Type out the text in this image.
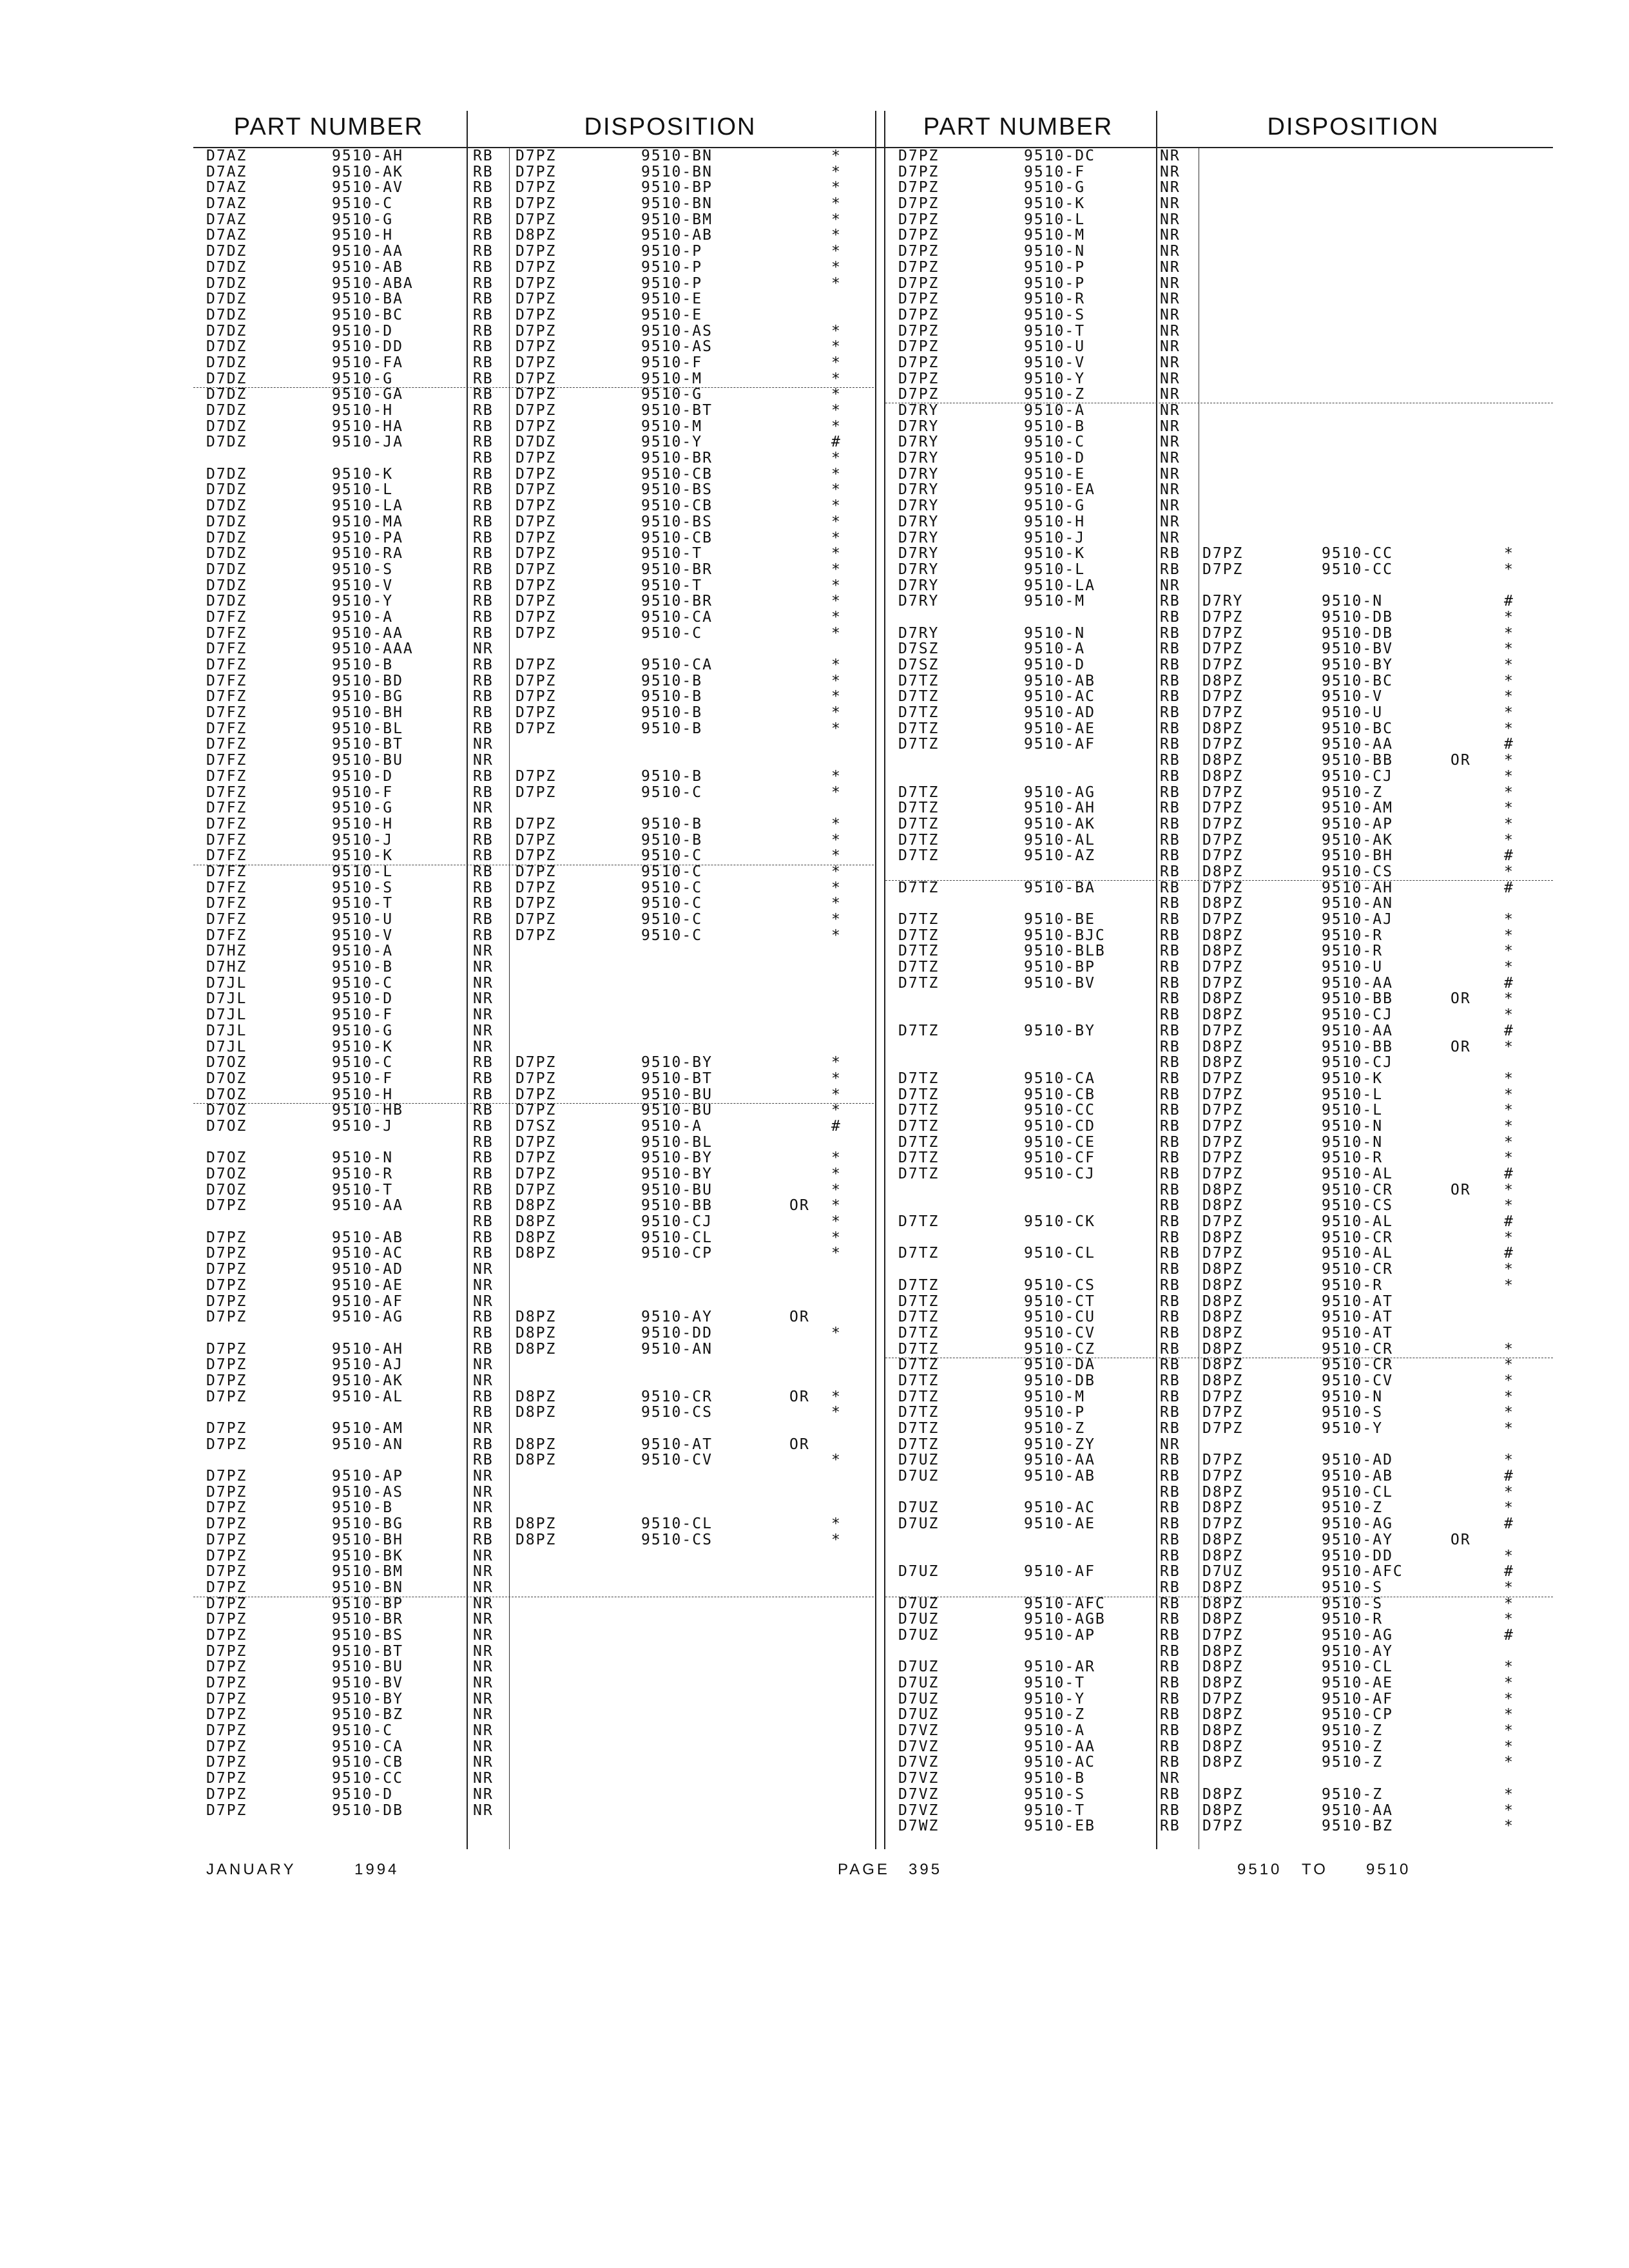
PART NUMBER	DISPOSITION	PART NUMBER	DISPOSITION
D7AZ	9510-AH	RB D7PZ	9510-BN	*
D7AZ	9510-AK	RB D7PZ	9510-BN	*
D7AZ	9510-AV	RB D7PZ	9510-BP	*
D7AZ	9510-C	RB D7PZ	9510-BN	*
D7AZ	9510-G	RB D7PZ	9510-BM	*
D7AZ	9510-H	RB D8PZ	9510-AB	*
D7DZ	9510-AA	RB D7PZ	9510-P	*
D7DZ	9510-AB	RB D7PZ	9510-P	*
D7DZ	9510-ABA	RB D7PZ	9510-P	*
D7DZ	9510-BA	RB D7PZ	9510-E
D7DZ	9510-BC	RB D7PZ	9510-E
D7DZ	9510-D	RB D7PZ	9510-AS	*
D7DZ	9510-DD	RB D7PZ	9510-AS	*
D7DZ	9510-FA	RB D7PZ	9510-F	*
D7DZ	9510-G	RB D7PZ	9510-M	*
D7DZ	9510-GA	RB D7PZ	9510-G	*
D7DZ	9510-H	RB D7PZ	9510-BT	*
D7DZ	9510-HA	RB D7PZ	9510-M	*
D7DZ	9510-JA	RB D7DZ	9510-Y	#
RB D7PZ	9510-BR	*
D7DZ	9510-K	RB D7PZ	9510-CB	*
D7DZ	9510-L	RB D7PZ	9510-BS	*
D7DZ	9510-LA	RB D7PZ	9510-CB	*
D7DZ	9510-MA	RB D7PZ	9510-BS	*
D7DZ	9510-PA	RB D7PZ	9510-CB	*
D7DZ	9510-RA	RB D7PZ	9510-T	*
D7DZ	9510-S	RB D7PZ	9510-BR	*
D7DZ	9510-V	RB D7PZ	9510-T	*
D7DZ	9510-Y	RB D7PZ	9510-BR	*
D7FZ	9510-A	RB D7PZ	9510-CA	*
D7FZ	9510-AA	RB D7PZ	9510-C	*
D7FZ	9510-AAA	NR
D7FZ	9510-B	RB D7PZ	9510-CA	*
D7FZ	9510-BD	RB D7PZ	9510-B	*
D7FZ	9510-BG	RB D7PZ	9510-B	*
D7FZ	9510-BH	RB D7PZ	9510-B	*
D7FZ	9510-BL	RB D7PZ	9510-B	*
D7FZ	9510-BT	NR
D7FZ	9510-BU	NR
D7FZ	9510-D	RB D7PZ	9510-B	*
D7FZ	9510-F	RB D7PZ	9510-C	*
D7FZ	9510-G	NR
D7FZ	9510-H	RB D7PZ	9510-B	*
D7FZ	9510-J	RB D7PZ	9510-B	*
D7FZ	9510-K	RB D7PZ	9510-C	*
D7FZ	9510-L	RB D7PZ	9510-C	*
D7FZ	9510-S	RB D7PZ	9510-C	*
D7FZ	9510-T	RB D7PZ	9510-C	*
D7FZ	9510-U	RB D7PZ	9510-C	*
D7FZ	9510-V	RB D7PZ	9510-C	*
D7HZ	9510-A	NR
D7HZ	9510-B	NR
D7JL	9510-C	NR
D7JL	9510-D	NR
D7JL	9510-F	NR
D7JL	9510-G	NR
D7JL	9510-K	NR
D7OZ	9510-C	RB D7PZ	9510-BY	*
D7OZ	9510-F	RB D7PZ	9510-BT	*
D7OZ	9510-H	RB D7PZ	9510-BU	*
D7OZ	9510-HB	RB D7PZ	9510-BU	*
D7OZ	9510-J	RB D7SZ	9510-A	#
RB D7PZ	9510-BL
D7OZ	9510-N	RB D7PZ	9510-BY	*
D7OZ	9510-R	RB D7PZ	9510-BY	*
D7OZ	9510-T	RB D7PZ	9510-BU	*
D7PZ	9510-AA	RB D8PZ	9510-BB	OR *
RB D8PZ	9510-CJ	*
D7PZ	9510-AB	RB D8PZ	9510-CL	*
D7PZ	9510-AC	RB D8PZ	9510-CP	*
D7PZ	9510-AD	NR
D7PZ	9510-AE	NR
D7PZ	9510-AF	NR
D7PZ	9510-AG	RB D8PZ	9510-AY	OR
RB D8PZ	9510-DD	*
D7PZ	9510-AH	RB D8PZ	9510-AN
D7PZ	9510-AJ	NR
D7PZ	9510-AK	NR
D7PZ	9510-AL	RB D8PZ	9510-CR	OR *
RB D8PZ	9510-CS	*
D7PZ	9510-AM	NR
D7PZ	9510-AN	RB D8PZ	9510-AT	OR
RB D8PZ	9510-CV	*
D7PZ	9510-AP	NR
D7PZ	9510-AS	NR
D7PZ	9510-B	NR
D7PZ	9510-BG	RB D8PZ	9510-CL	*
D7PZ	9510-BH	RB D8PZ	9510-CS	*
D7PZ	9510-BK	NR
D7PZ	9510-BM	NR
D7PZ	9510-BN	NR
D7PZ	9510-BP	NR
D7PZ	9510-BR	NR
D7PZ	9510-BS	NR
D7PZ	9510-BT	NR
D7PZ	9510-BU	NR
D7PZ	9510-BV	NR
D7PZ	9510-BY	NR
D7PZ	9510-BZ	NR
D7PZ	9510-C	NR
D7PZ	9510-CA	NR
D7PZ	9510-CB	NR
D7PZ	9510-CC	NR
D7PZ	9510-D	NR
D7PZ	9510-DB	NR
D7PZ	9510-DC	NR
D7PZ	9510-F	NR
D7PZ	9510-G	NR
D7PZ	9510-K	NR
D7PZ	9510-L	NR
D7PZ	9510-M	NR
D7PZ	9510-N	NR
D7PZ	9510-P	NR
D7PZ	9510-P	NR
D7PZ	9510-R	NR
D7PZ	9510-S	NR
D7PZ	9510-T	NR
D7PZ	9510-U	NR
D7PZ	9510-V	NR
D7PZ	9510-Y	NR
D7PZ	9510-Z	NR
D7RY	9510-A	NR
D7RY	9510-B	NR
D7RY	9510-C	NR
D7RY	9510-D	NR
D7RY	9510-E	NR
D7RY	9510-EA	NR
D7RY	9510-G	NR
D7RY	9510-H	NR
D7RY	9510-J	NR
D7RY	9510-K	RB D7PZ	9510-CC	*
D7RY	9510-L	RB D7PZ	9510-CC	*
D7RY	9510-LA	NR
D7RY	9510-M	RB D7RY	9510-N	#
RB D7PZ	9510-DB	*
D7RY	9510-N	RB D7PZ	9510-DB	*
D7SZ	9510-A	RB D7PZ	9510-BV	*
D7SZ	9510-D	RB D7PZ	9510-BY	*
D7TZ	9510-AB	RB D8PZ	9510-BC	*
D7TZ	9510-AC	RB D7PZ	9510-V	*
D7TZ	9510-AD	RB D7PZ	9510-U	*
D7TZ	9510-AE	RB D8PZ	9510-BC	*
D7TZ	9510-AF	RB D7PZ	9510-AA	#
RB D8PZ	9510-BB	OR *
RB D8PZ	9510-CJ	*
D7TZ	9510-AG	RB D7PZ	9510-Z	*
D7TZ	9510-AH	RB D7PZ	9510-AM	*
D7TZ	9510-AK	RB D7PZ	9510-AP	*
D7TZ	9510-AL	RB D7PZ	9510-AK	*
D7TZ	9510-AZ	RB D7PZ	9510-BH	#
RB D8PZ	9510-CS	*
D7TZ	9510-BA	RB D7PZ	9510-AH	#
RB D8PZ	9510-AN
D7TZ	9510-BE	RB D7PZ	9510-AJ	*
D7TZ	9510-BJC	RB D8PZ	9510-R	*
D7TZ	9510-BLB	RB D8PZ	9510-R	*
D7TZ	9510-BP	RB D7PZ	9510-U	*
D7TZ	9510-BV	RB D7PZ	9510-AA	#
RB D8PZ	9510-BB	OR *
RB D8PZ	9510-CJ	*
D7TZ	9510-BY	RB D7PZ	9510-AA	#
RB D8PZ	9510-BB	OR *
RB D8PZ	9510-CJ
D7TZ	9510-CA	RB D7PZ	9510-K	*
D7TZ	9510-CB	RB D7PZ	9510-L	*
D7TZ	9510-CC	RB D7PZ	9510-L	*
D7TZ	9510-CD	RB D7PZ	9510-N	*
D7TZ	9510-CE	RB D7PZ	9510-N	*
D7TZ	9510-CF	RB D7PZ	9510-R	*
D7TZ	9510-CJ	RB D7PZ	9510-AL	#
RB D8PZ	9510-CR	OR *
RB D8PZ	9510-CS	*
D7TZ	9510-CK	RB D7PZ	9510-AL	#
RB D8PZ	9510-CR	*
D7TZ	9510-CL	RB D7PZ	9510-AL	#
RB D8PZ	9510-CR	*
D7TZ	9510-CS	RB D8PZ	9510-R	*
D7TZ	9510-CT	RB D8PZ	9510-AT
D7TZ	9510-CU	RB D8PZ	9510-AT
D7TZ	9510-CV	RB D8PZ	9510-AT
D7TZ	9510-CZ	RB D8PZ	9510-CR	*
D7TZ	9510-DA	RB D8PZ	9510-CR	*
D7TZ	9510-DB	RB D8PZ	9510-CV	*
D7TZ	9510-M	RB D7PZ	9510-N	*
D7TZ	9510-P	RB D7PZ	9510-S	*
D7TZ	9510-Z	RB D7PZ	9510-Y	*
D7TZ	9510-ZY	NR
D7UZ	9510-AA	RB D7PZ	9510-AD	*
D7UZ	9510-AB	RB D7PZ	9510-AB	#
RB D8PZ	9510-CL	*
D7UZ	9510-AC	RB D8PZ	9510-Z	*
D7UZ	9510-AE	RB D7PZ	9510-AG	#
RB D8PZ	9510-AY	OR
RB D8PZ	9510-DD	*
D7UZ	9510-AF	RB D7UZ	9510-AFC	#
RB D8PZ	9510-S	*
D7UZ	9510-AFC	RB D8PZ	9510-S	*
D7UZ	9510-AGB	RB D8PZ	9510-R	*
D7UZ	9510-AP	RB D7PZ	9510-AG	#
RB D8PZ	9510-AY
D7UZ	9510-AR	RB D8PZ	9510-CL	*
D7UZ	9510-T	RB D8PZ	9510-AE	*
D7UZ	9510-Y	RB D7PZ	9510-AF	*
D7UZ	9510-Z	RB D8PZ	9510-CP	*
D7VZ	9510-A	RB D8PZ	9510-Z	*
D7VZ	9510-AA	RB D8PZ	9510-Z	*
D7VZ	9510-AC	RB D8PZ	9510-Z	*
D7VZ	9510-B	NR
D7VZ	9510-S	RB D8PZ	9510-Z	*
D7VZ	9510-T	RB D8PZ	9510-AA	*
D7WZ	9510-EB	RB D7PZ	9510-BZ	*
JANUARY	1994	PAGE 395	9510 TO 9510
